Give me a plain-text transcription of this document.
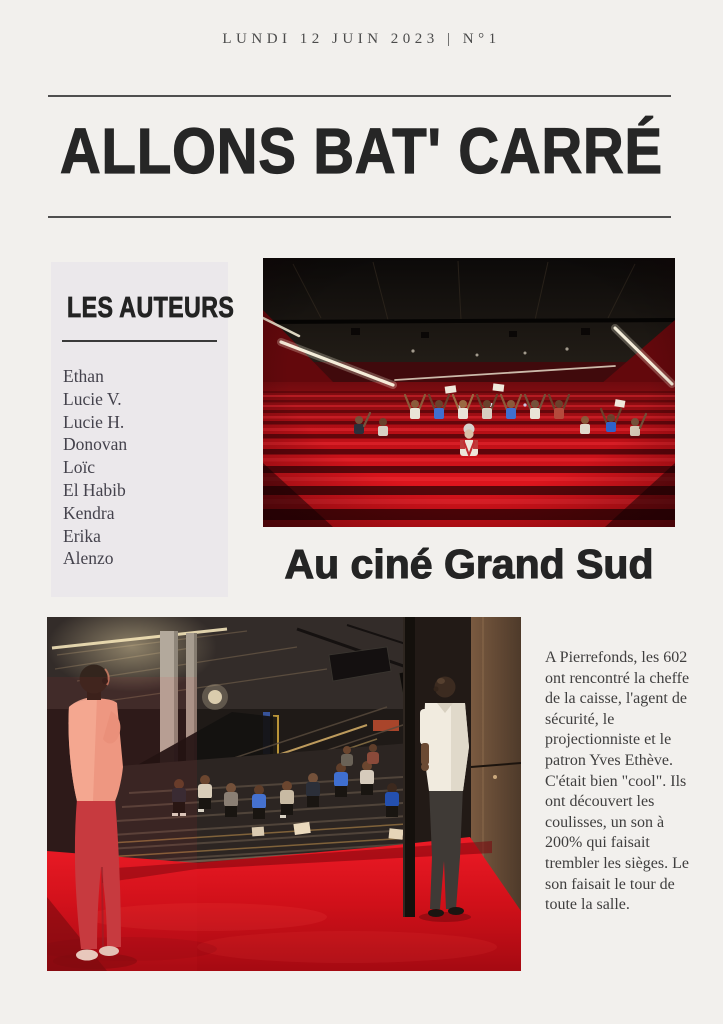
LUNDI 12 JUIN 2023 | N°1
ALLONS BAT' CARRÉ
LES AUTEURS
Ethan
Lucie V.
Lucie H.
Donovan
Loïc
El Habib
Kendra
Erika
Alenzo	Au ciné Grand Sud

A Pierrefonds, les 602 ont rencontré la cheffe de la caisse, l'agent de sécurité, le projectionniste et le patron Yves Ethève. C'était bien "cool". Ils ont découvert les coulisses, un son à 200% qui faisait trembler les sièges. Le son faisait le tour de toute la salle.
